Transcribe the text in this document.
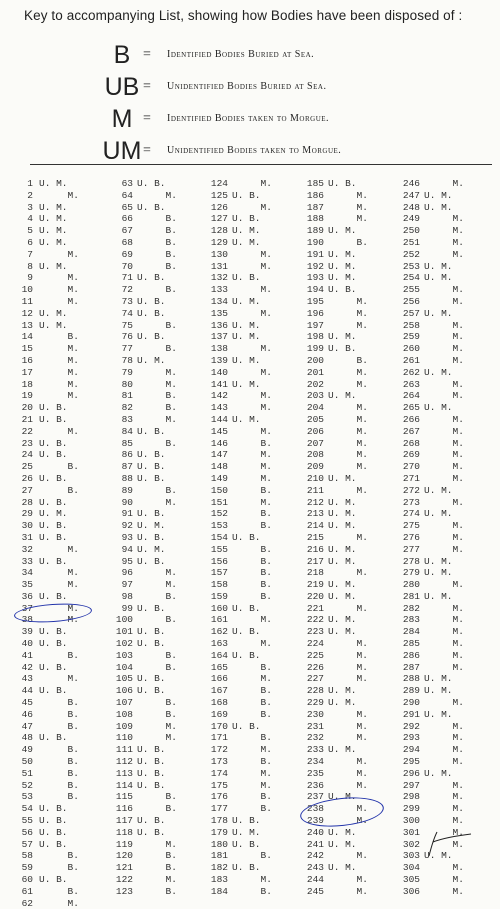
Key to accompanying List, showing how Bodies have been disposed of :
B = Identified Bodies Buried at Sea.
UB = Unidentified Bodies Buried at Sea.
M = Identified Bodies taken to Morgue.
UM = Unidentified Bodies taken to Morgue.
1 U. M.
2 M.
3 U. M.
4 U. M.
5 U. M.
6 U. M.
7 M.
8 U. M.
9 M.
10 M.
11 M.
12 U. M.
13 U. M.
14 B.
15 M.
16 M.
17 M.
18 M.
19 M.
20 U. B.
21 U. B.
22 M.
23 U. B.
24 U. B.
25 B.
26 U. B.
27 B.
28 U. B.
29 U. M.
30 U. B.
31 U. B.
32 M.
33 U. B.
34 M.
35 M.
36 U. B.
37 M.
38 M.
39 U. B.
40 U. B.
41 B.
42 U. B.
43 M.
44 U. B.
45 B.
46 B.
47 B.
48 U. B.
49 B.
50 B.
51 B.
52 B.
53 B.
54 U. B.
55 U. B.
56 U. B.
57 U. B.
58 B.
59 B.
60 U. B.
61 B.
62 M.
63 U. B.
64 M.
65 U. B.
66 B.
67 B.
68 B.
69 B.
70 B.
71 U. B.
72 B.
73 U. B.
74 U. B.
75 B.
76 U. B.
77 B.
78 U. M.
79 M.
80 M.
81 B.
82 B.
83 M.
84 U. B.
85 B.
86 U. B.
87 U. B.
88 U. B.
89 B.
90 M.
91 U. B.
92 U. M.
93 U. B.
94 U. M.
95 U. B.
96 M.
97 M.
98 B.
99 U. B.
100 B.
101 U. B.
102 U. B.
103 B.
104 B.
105 U. B.
106 U. B.
107 B.
108 B.
109 M.
110 M.
111 U. B.
112 U. B.
113 U. B.
114 U. B.
115 B.
116 B.
117 U. B.
118 U. B.
119 M.
120 B.
121 B.
122 M.
123 B.
124 M.
125 U. B.
126 M.
127 U. B.
128 U. M.
129 U. M.
130 M.
131 M.
132 U. B.
133 M.
134 U. M.
135 M.
136 U. M.
137 U. M.
138 M.
139 U. M.
140 M.
141 U. M.
142 M.
143 M.
144 U. M.
145 M.
146 B.
147 M.
148 M.
149 M.
150 B.
151 M.
152 B.
153 B.
154 U. B.
155 B.
156 B.
157 B.
158 B.
159 B.
160 U. B.
161 M.
162 U. B.
163 M.
164 U. B.
165 B.
166 M.
167 B.
168 B.
169 B.
170 U. B.
171 B.
172 M.
173 B.
174 M.
175 M.
176 B.
177 B.
178 U. B.
179 U. M.
180 U. B.
181 B.
182 U. B.
183 M.
184 B.
185 U. B.
186 M.
187 M.
188 M.
189 U. M.
190 B.
191 U. M.
192 U. M.
193 U. M.
194 U. B.
195 M.
196 M.
197 M.
198 U. M.
199 U. B.
200 B.
201 M.
202 M.
203 U. M.
204 M.
205 M.
206 M.
207 M.
208 M.
209 M.
210 U. M.
211 M.
212 U. M.
213 U. M.
214 U. M.
215 M.
216 U. M.
217 U. M.
218 M.
219 U. M.
220 U. M.
221 M.
222 U. M.
223 U. M.
224 M.
225 M.
226 M.
227 M.
228 U. M.
229 U. M.
230 M.
231 M.
232 M.
233 U. M.
234 M.
235 M.
236 M.
237 U. M.
238 M.
239 M.
240 U. M.
241 U. M.
242 M.
243 U. M.
244 M.
245 M.
246 M.
247 U. M.
248 U. M.
249 M.
250 M.
251 M.
252 M.
253 U. M.
254 U. M.
255 M.
256 M.
257 U. M.
258 M.
259 M.
260 M.
261 M.
262 U. M.
263 M.
264 M.
265 U. M.
266 M.
267 M.
268 M.
269 M.
270 M.
271 M.
272 U. M.
273 M.
274 U. M.
275 M.
276 M.
277 M.
278 U. M.
279 U. M.
280 M.
281 U. M.
282 M.
283 M.
284 M.
285 M.
286 M.
287 M.
288 U. M.
289 U. M.
290 M.
291 U. M.
292 M.
293 M.
294 M.
295 M.
296 U. M.
297 M.
298 M.
299 M.
300 M.
301 M.
302 M.
303 U. M.
304 M.
305 M.
306 M.
